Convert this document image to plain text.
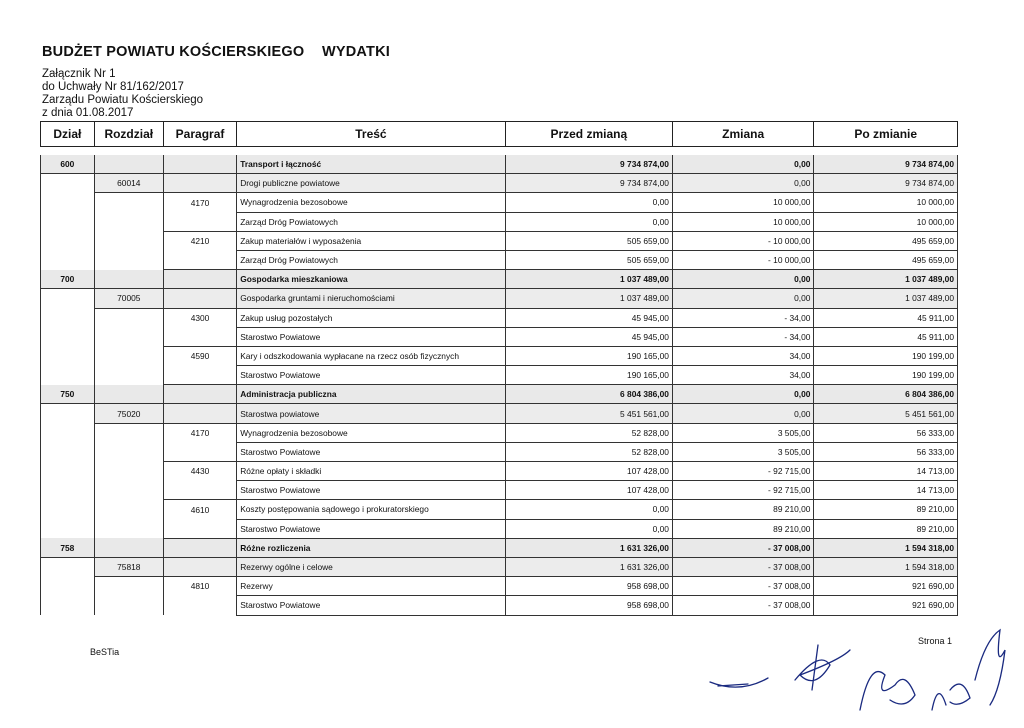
BUDŻET POWIATU KOŚCIERSKIEGO WYDATKI
Załącznik Nr 1
do Uchwały Nr 81/162/2017
Zarządu Powiatu Kościerskiego
z dnia 01.08.2017
Dział	Rozdział	Paragraf	Treść	Przed zmianą	Zmiana	Po zmianie

600			Transport i łączność	9 734 874,00	0,00	9 734 874,00
	60014		Drogi publiczne powiatowe	9 734 874,00	0,00	9 734 874,00
		4170	Wynagrodzenia bezosobowe	0,00	10 000,00	10 000,00
			Zarząd Dróg Powiatowych	0,00	10 000,00	10 000,00
		4210	Zakup materiałów i wyposażenia	505 659,00	- 10 000,00	495 659,00
			Zarząd Dróg Powiatowych	505 659,00	- 10 000,00	495 659,00
700			Gospodarka mieszkaniowa	1 037 489,00	0,00	1 037 489,00
	70005		Gospodarka gruntami i nieruchomościami	1 037 489,00	0,00	1 037 489,00
		4300	Zakup usług pozostałych	45 945,00	- 34,00	45 911,00
			Starostwo Powiatowe	45 945,00	- 34,00	45 911,00
		4590	Kary i odszkodowania wypłacane na rzecz osób fizycznych	190 165,00	34,00	190 199,00
			Starostwo Powiatowe	190 165,00	34,00	190 199,00
750			Administracja publiczna	6 804 386,00	0,00	6 804 386,00
	75020		Starostwa powiatowe	5 451 561,00	0,00	5 451 561,00
		4170	Wynagrodzenia bezosobowe	52 828,00	3 505,00	56 333,00
			Starostwo Powiatowe	52 828,00	3 505,00	56 333,00
		4430	Różne opłaty i składki	107 428,00	- 92 715,00	14 713,00
			Starostwo Powiatowe	107 428,00	- 92 715,00	14 713,00
		4610	Koszty postępowania sądowego i prokuratorskiego	0,00	89 210,00	89 210,00
			Starostwo Powiatowe	0,00	89 210,00	89 210,00
758			Różne rozliczenia	1 631 326,00	- 37 008,00	1 594 318,00
	75818		Rezerwy ogólne i celowe	1 631 326,00	- 37 008,00	1 594 318,00
		4810	Rezerwy	958 698,00	- 37 008,00	921 690,00
			Starostwo Powiatowe	958 698,00	- 37 008,00	921 690,00
BeSTia
Strona 1
